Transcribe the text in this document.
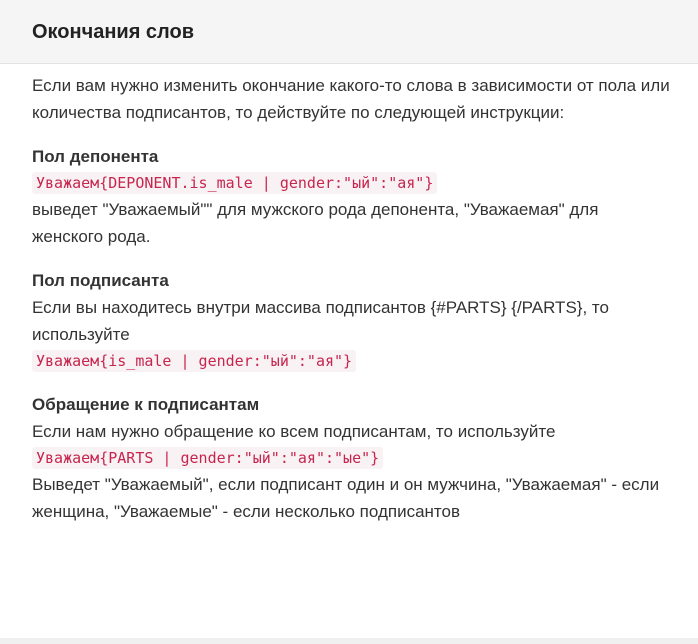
Окончания слов

Если вам нужно изменить окончание какого-то слова в зависимости от пола или количества подписантов, то действуйте по следующей инструкции:

Пол депонента
Уважаем{DEPONENT.is_male | gender:"ый":"ая"}

выведет "Уважаемый"" для мужского рода депонента, "Уважаемая" для женского рода.

Пол подписанта

Если вы находитесь внутри массива подписантов {#PARTS} {/PARTS}, то используйте

Уважаем{is_male | gender:"ый":"ая"}
Обращение к подписантам

Если нам нужно обращение ко всем подписантам, то используйте

Уважаем{PARTS | gender:"ый":"ая":"ые"}

Выведет "Уважаемый", если подписант один и он мужчина, "Уважаемая" - если женщина, "Уважаемые" - если несколько подписантов
